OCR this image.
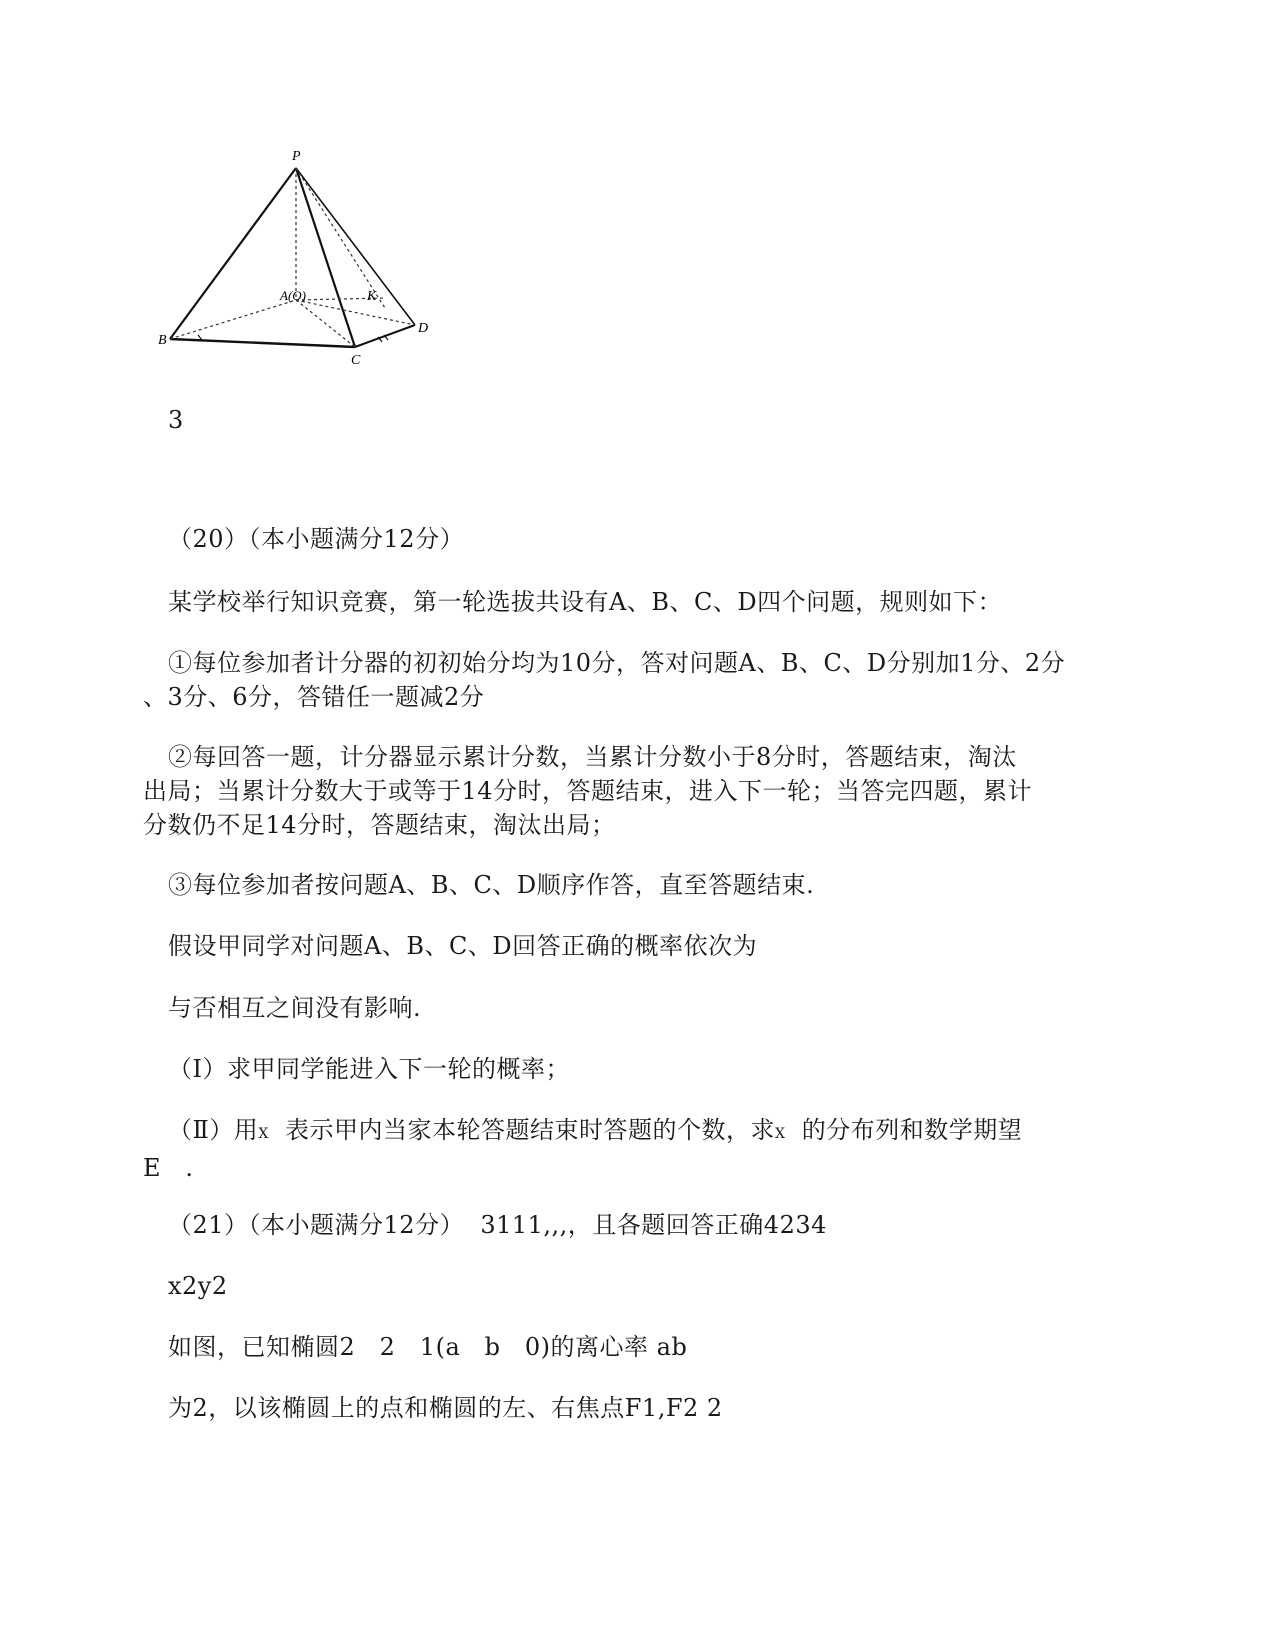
P
A(O)	K
B
C
D
3
（20）（本小题满分12分）
某学校举行知识竞赛，第一轮选拔共设有A、B、C、D四个问题，规则如下：
①每位参加者计分器的初初始分均为10分，答对问题A、B、C、D分别加1分、2分
、3分、6分，答错任一题减2分
②每回答一题，计分器显示累计分数，当累计分数小于8分时，答题结束，淘汰
出局；当累计分数大于或等于14分时，答题结束，进入下一轮；当答完四题，累计
分数仍不足14分时，答题结束，淘汰出局；
③每位参加者按问题A、B、C、D顺序作答，直至答题结束.
假设甲同学对问题A、B、C、D回答正确的概率依次为
与否相互之间没有影响.
（Ⅰ）求甲同学能进入下一轮的概率；
（Ⅱ）用X  表示甲内当家本轮答题结束时答题的个数，求X  的分布列和数学期望
E   .
（21）（本小题满分12分）  3111,,,，且各题回答正确4234
x2y2
如图，已知椭圆2   2   1(a   b   0)的离心率 ab
为2，以该椭圆上的点和椭圆的左、右焦点F1,F2 2
